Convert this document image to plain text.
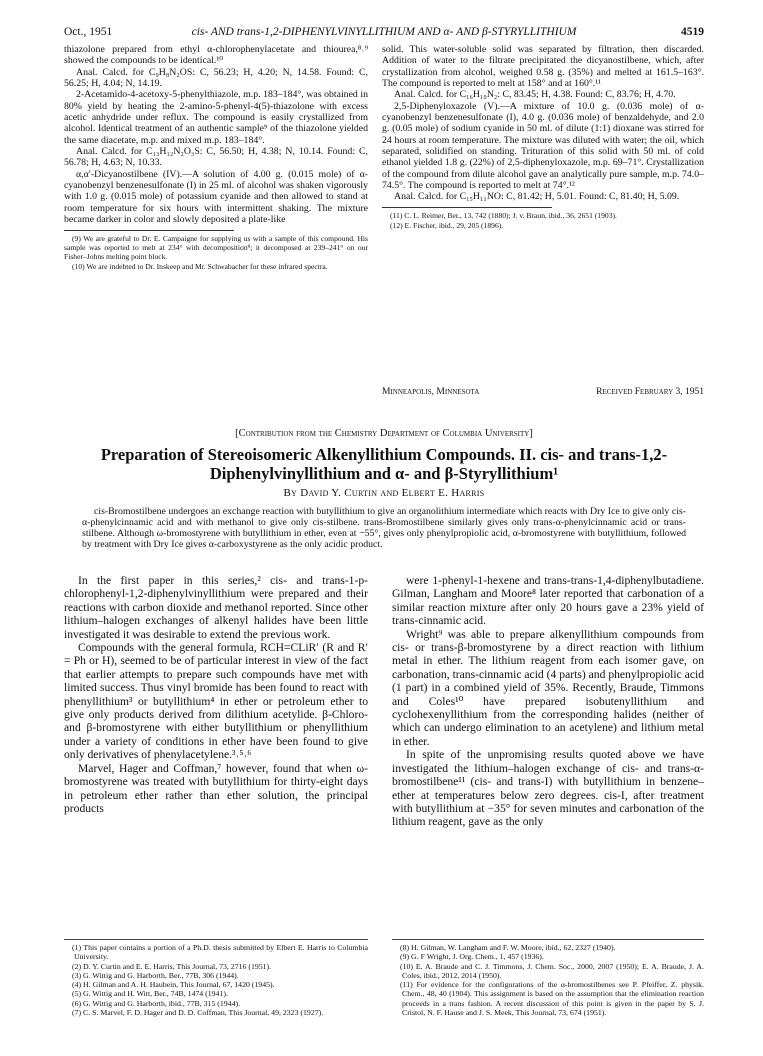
Oct., 1951	cis- AND trans-1,2-DIPHENYLVINYLLITHIUM AND α- AND β-STYRYLLITHIUM	4519

thiazolone prepared from ethyl α-chlorophenylacetate and thiourea,⁸˒⁹ showed the compounds to be identical.¹⁰

Anal. Calcd. for C₉H₈N₂OS: C, 56.23; H, 4.20; N, 14.58. Found: C, 56.25; H, 4.04; N, 14.19.

2-Acetamido-4-acetoxy-5-phenylthiazole, m.p. 183–184°, was obtained in 80% yield by heating the 2-amino-5-phenyl-4(5)-thiazolone with excess acetic anhydride under reflux. The compound is easily crystallized from alcohol. Identical treatment of an authentic sample⁹ of the thiazolone yielded the same diacetate, m.p. and mixed m.p. 183–184°.

Anal. Calcd. for C₁₃H₁₂N₂O₃S: C, 56.50; H, 4.38; N, 10.14. Found: C, 56.78; H, 4.63; N, 10.33.

α,α′-Dicyanostilbene (IV).—A solution of 4.00 g. (0.015 mole) of α-cyanobenzyl benzenesulfonate (I) in 25 ml. of alcohol was shaken vigorously with 1.0 g. (0.015 mole) of potassium cyanide and then allowed to stand at room temperature for six hours with intermittent shaking. The mixture became darker in color and slowly deposited a plate-like

(9) We are grateful to Dr. E. Campaigne for supplying us with a sample of this compound. His sample was reported to melt at 234° with decomposition⁹; it decomposed at 239–241° on our Fisher–Johns melting point block.

(10) We are indebted to Dr. Inskeep and Mr. Schwabacher for these infrared spectra.

solid. This water-soluble solid was separated by filtration, then discarded. Addition of water to the filtrate precipitated the dicyanostilbene, which, after crystallization from alcohol, weighed 0.58 g. (35%) and melted at 161.5–163°. The compound is reported to melt at 158° and at 160°.¹¹

Anal. Calcd. for C₁₆H₁₀N₂: C, 83.45; H, 4.38. Found: C, 83.76; H, 4.70.

2,5-Diphenyloxazole (V).—A mixture of 10.0 g. (0.036 mole) of α-cyanobenzyl benzenesulfonate (I), 4.0 g. (0.036 mole) of benzaldehyde, and 2.0 g. (0.05 mole) of sodium cyanide in 50 ml. of dilute (1:1) dioxane was stirred for 24 hours at room temperature. The mixture was diluted with water; the oil, which separated, solidified on standing. Trituration of this solid with 50 ml. of cold ethanol yielded 1.8 g. (22%) of 2,5-diphenyloxazole, m.p. 69–71°. Crystallization of the compound from dilute alcohol gave an analytically pure sample, m.p. 74.0–74.5°. The compound is reported to melt at 74°.¹²

Anal. Calcd. for C₁₅H₁₁NO: C, 81.42; H, 5.01. Found: C, 81.40; H, 5.09.

(11) C. L. Reimer, Ber., 13, 742 (1880); J. v. Braun, ibid., 36, 2651 (1903).

(12) E. Fischer, ibid., 29, 205 (1896).

Minneapolis, Minnesota	Received February 3, 1951
[Contribution from the Chemistry Department of Columbia University]
Preparation of Stereoisomeric Alkenyllithium Compounds. II. cis- and trans-1,2-
Diphenylvinyllithium and α- and β-Styryllithium¹
By David Y. Curtin and Elbert E. Harris
cis-Bromostilbene undergoes an exchange reaction with butyllithium to give an organolithium intermediate which reacts with Dry Ice to give only cis-α-phenylcinnamic acid and with methanol to give only cis-stilbene. trans-Bromostilbene similarly gives only trans-α-phenylcinnamic acid or trans-stilbene. Although ω-bromostyrene with butyllithium in ether, even at −55°, gives only phenylpropiolic acid, α-bromostyrene with butyllithium, followed by treatment with Dry Ice gives α-carboxystyrene as the only acidic product.

In the first paper in this series,² cis- and trans-1-p-chlorophenyl-1,2-diphenylvinyllithium were prepared and their reactions with carbon dioxide and methanol reported. Since other lithium–halogen exchanges of alkenyl halides have been little investigated it was desirable to extend the previous work.

Compounds with the general formula, RCH=CLiR′ (R and R′ = Ph or H), seemed to be of particular interest in view of the fact that earlier attempts to prepare such compounds have met with limited success. Thus vinyl bromide has been found to react with phenyllithium³ or butyllithium⁴ in ether or petroleum ether to give only products derived from dilithium acetylide. β-Chloro- and β-bromostyrene with either butyllithium or phenyllithium under a variety of conditions in ether have been found to give only derivatives of phenylacetylene.³˒⁵˒⁶

Marvel, Hager and Coffman,⁷ however, found that when ω-bromostyrene was treated with butyllithium for thirty-eight days in petroleum ether rather than ether solution, the principal products

were 1-phenyl-1-hexene and trans-trans-1,4-diphenylbutadiene. Gilman, Langham and Moore⁸ later reported that carbonation of a similar reaction mixture after only 20 hours gave a 23% yield of trans-cinnamic acid.

Wright⁹ was able to prepare alkenyllithium compounds from cis- or trans-β-bromostyrene by a direct reaction with lithium metal in ether. The lithium reagent from each isomer gave, on carbonation, trans-cinnamic acid (4 parts) and phenylpropiolic acid (1 part) in a combined yield of 35%. Recently, Braude, Timmons and Coles¹⁰ have prepared isobutenyllithium and cyclohexenyllithium from the corresponding halides (neither of which can undergo elimination to an acetylene) and lithium metal in ether.

In spite of the unpromising results quoted above we have investigated the lithium–halogen exchange of cis- and trans-α-bromostilbene¹¹ (cis- and trans-I) with butyllithium in benzene–ether at temperatures below zero degrees. cis-I, after treatment with butyllithium at −35° for seven minutes and carbonation of the lithium reagent, gave as the only

(1) This paper contains a portion of a Ph.D. thesis submitted by Elbert E. Harris to Columbia University.

(2) D. Y. Curtin and E. E. Harris, This Journal, 73, 2716 (1951).

(3) G. Wittig and G. Harborth, Ber., 77B, 306 (1944).

(4) H. Gilman and A. H. Haubein, This Journal, 67, 1420 (1945).

(5) G. Wittig and H. Witt, Ber., 74B, 1474 (1941).

(6) G. Wittig and G. Harborth, ibid., 77B, 315 (1944).

(7) C. S. Marvel, F. D. Hager and D. D. Coffman, This Journal, 49, 2323 (1927).

(8) H. Gilman, W. Langham and F. W. Moore, ibid., 62, 2327 (1940).

(9) G. F Wright, J. Org. Chem., 1, 457 (1936).

(10) E. A. Braude and C. J. Timmons, J. Chem. Soc., 2000, 2007 (1950); E. A. Braude, J. A. Coles, ibid., 2012, 2014 (1950).

(11) For evidence for the configurations of the α-bromostilbenes see P. Pfeiffer, Z. physik. Chem., 48, 40 (1904). This assignment is based on the assumption that the elimination reaction proceeds in a trans fashion. A recent discussion of this point is given in the paper by S. J. Cristol, N. F. Hause and J. S. Meek, This Journal, 73, 674 (1951).
